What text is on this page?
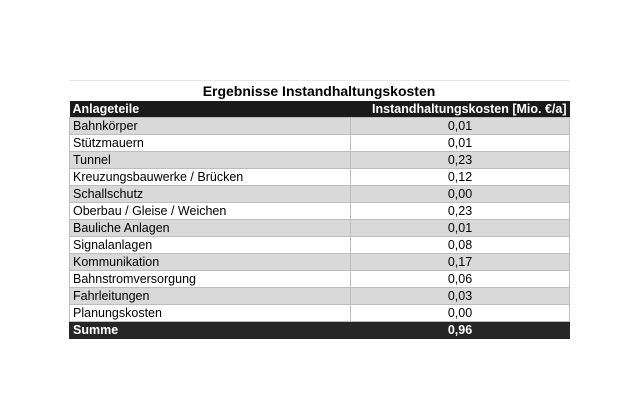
Ergebnisse Instandhaltungskosten
Anlageteile	Instandhaltungskosten [Mio. €/a]
Bahnkörper	0,01
Stützmauern	0,01
Tunnel	0,23
Kreuzungsbauwerke / Brücken	0,12
Schallschutz	0,00
Oberbau / Gleise / Weichen	0,23
Bauliche Anlagen	0,01
Signalanlagen	0,08
Kommunikation	0,17
Bahnstromversorgung	0,06
Fahrleitungen	0,03
Planungskosten	0,00
Summe	0,96
